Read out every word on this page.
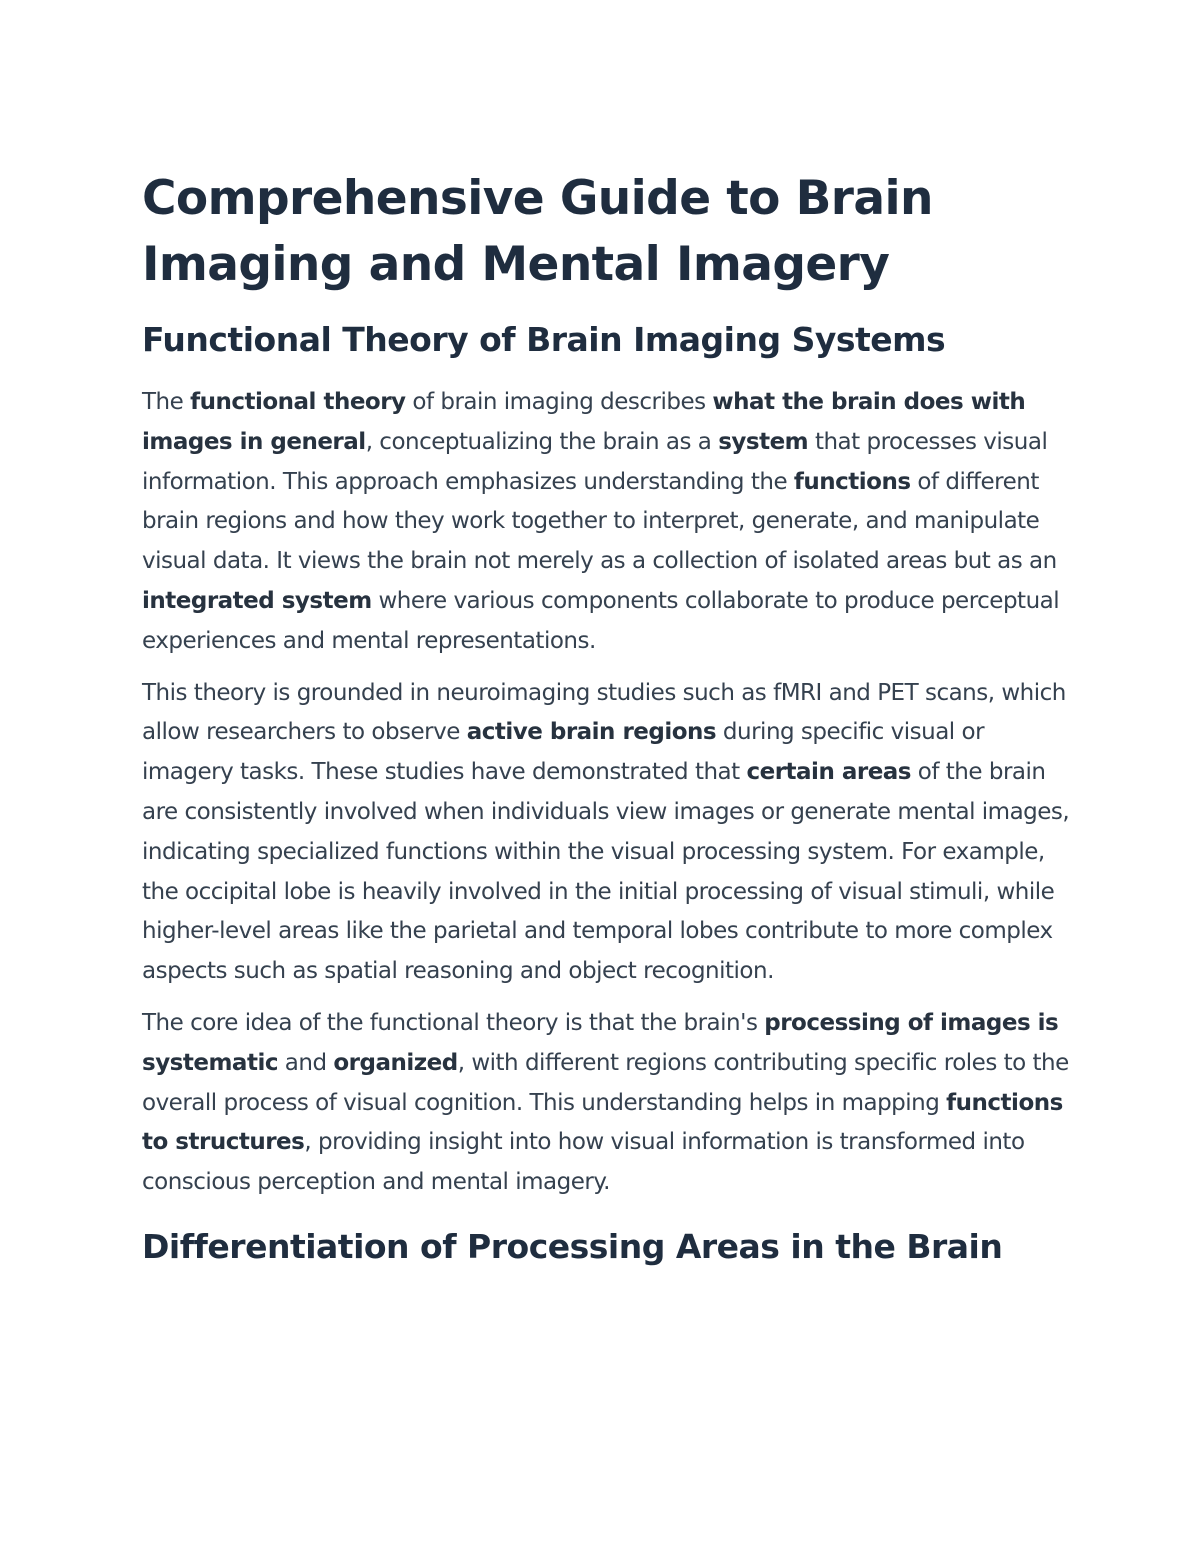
Comprehensive Guide to Brain Imaging and Mental Imagery
Functional Theory of Brain Imaging Systems

The functional theory of brain imaging describes what the brain does with images in general, conceptualizing the brain as a system that processes visual information. This approach emphasizes understanding the functions of different brain regions and how they work together to interpret, generate, and manipulate visual data. It views the brain not merely as a collection of isolated areas but as an integrated system where various components collaborate to produce perceptual experiences and mental representations.

This theory is grounded in neuroimaging studies such as fMRI and PET scans, which allow researchers to observe active brain regions during specific visual or imagery tasks. These studies have demonstrated that certain areas of the brain are consistently involved when individuals view images or generate mental images, indicating specialized functions within the visual processing system. For example, the occipital lobe is heavily involved in the initial processing of visual stimuli, while higher-level areas like the parietal and temporal lobes contribute to more complex aspects such as spatial reasoning and object recognition.

The core idea of the functional theory is that the brain's processing of images is systematic and organized, with different regions contributing specific roles to the overall process of visual cognition. This understanding helps in mapping functions to structures, providing insight into how visual information is transformed into conscious perception and mental imagery.

Differentiation of Processing Areas in the Brain
